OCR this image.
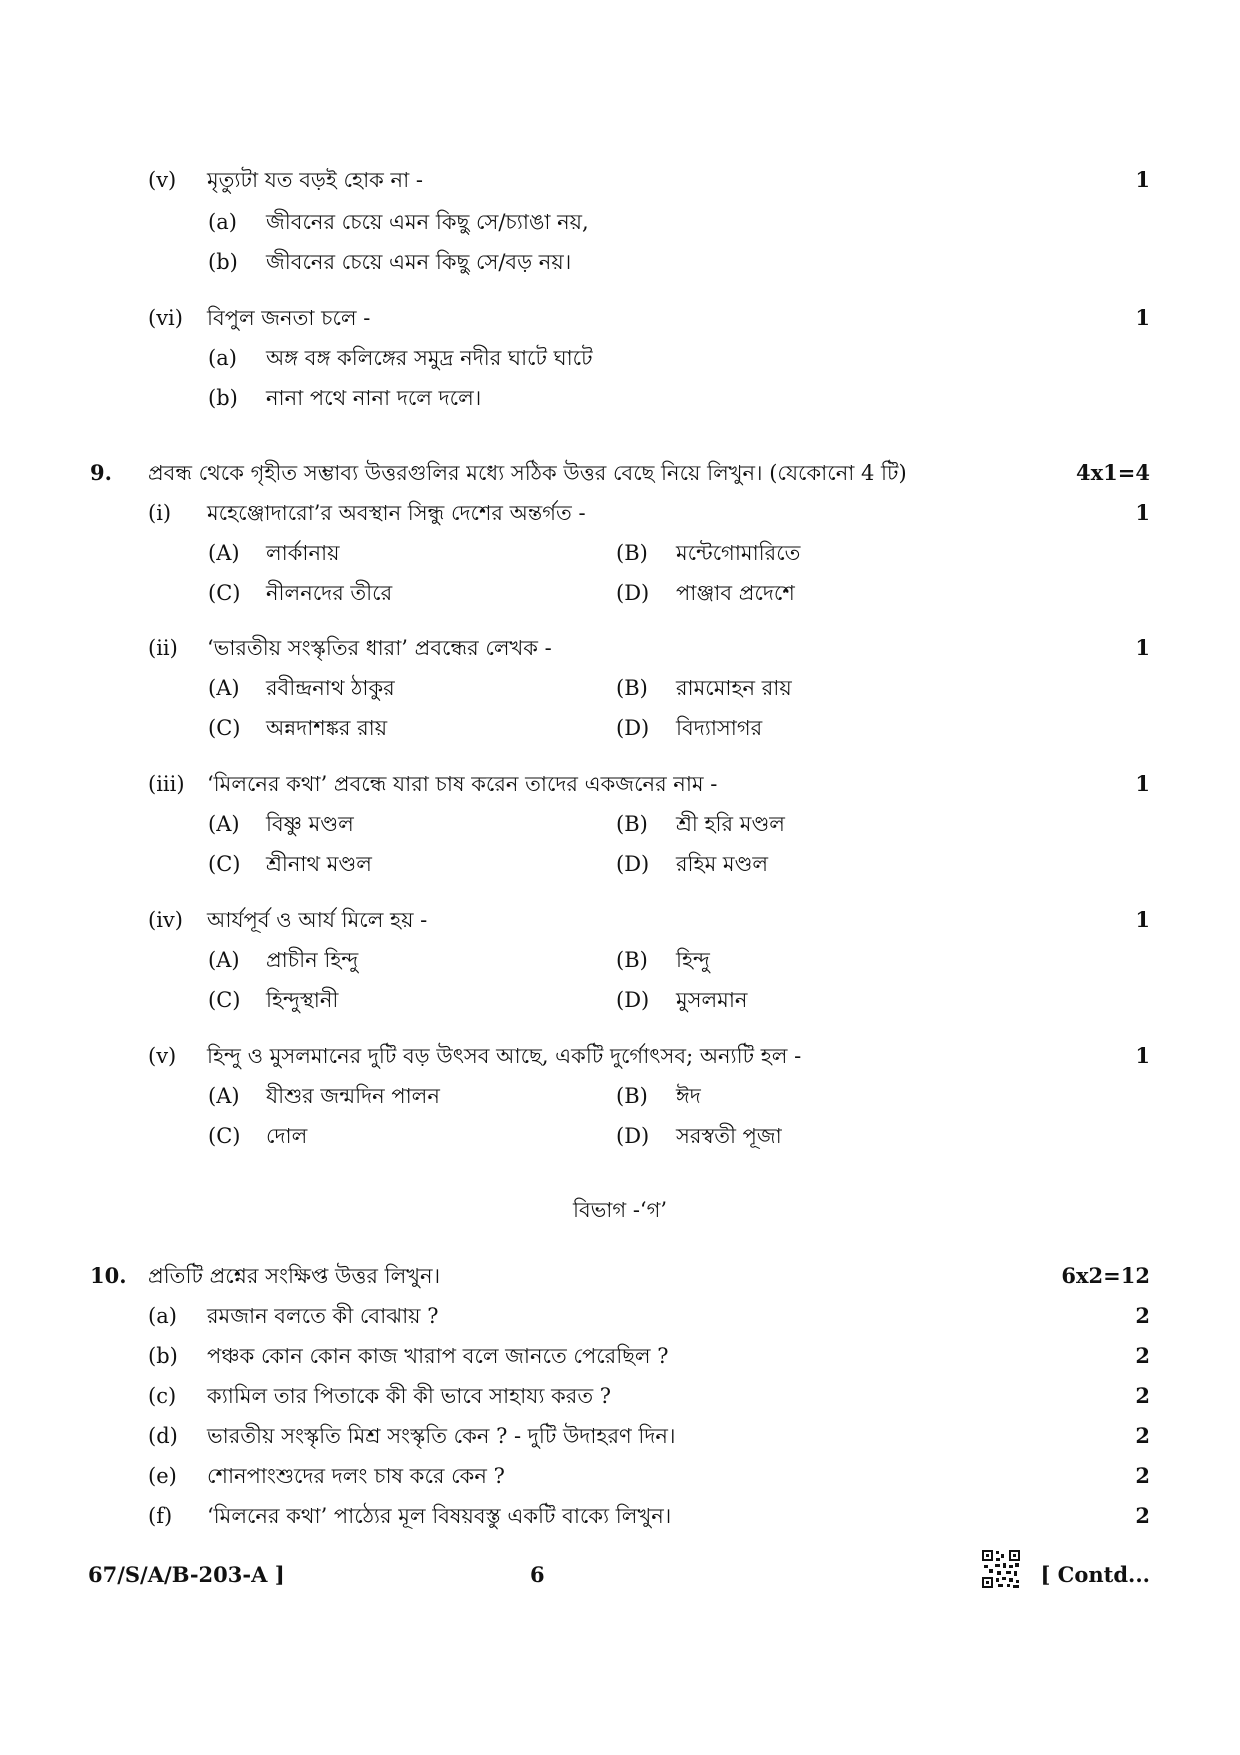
(v) মৃত্যুটা যত বড়ই হোক না -	1
(a) জীবনের চেয়ে এমন কিছু সে/চ্যাঙা নয়,
(b) জীবনের চেয়ে এমন কিছু সে/বড় নয়।
(vi) বিপুল জনতা চলে -	1
(a) অঙ্গ বঙ্গ কলিঙ্গের সমুদ্র নদীর ঘাটে ঘাটে
(b) নানা পথে নানা দলে দলে।
9. প্রবন্ধ থেকে গৃহীত সম্ভাব্য উত্তরগুলির মধ্যে সঠিক উত্তর বেছে নিয়ে লিখুন। (যেকোনো 4 টি)	4x1=4
(i) মহেঞ্জোদারো’র অবস্থান সিন্ধু দেশের অন্তর্গত -	1
(A) লার্কানায়	(B) মন্টেগোমারিতে
(C) নীলনদের তীরে	(D) পাঞ্জাব প্রদেশে
(ii) ‘ভারতীয় সংস্কৃতির ধারা’ প্রবন্ধের লেখক -	1
(A) রবীন্দ্রনাথ ঠাকুর	(B) রামমোহন রায়
(C) অন্নদাশঙ্কর রায়	(D) বিদ্যাসাগর
(iii) ‘মিলনের কথা’ প্রবন্ধে যারা চাষ করেন তাদের একজনের নাম -	1
(A) বিষ্ণু মণ্ডল	(B) শ্রী হরি মণ্ডল
(C) শ্রীনাথ মণ্ডল	(D) রহিম মণ্ডল
(iv) আর্যপূর্ব ও আর্য মিলে হয় -	1
(A) প্রাচীন হিন্দু	(B) হিন্দু
(C) হিন্দুস্থানী	(D) মুসলমান
(v) হিন্দু ও মুসলমানের দুটি বড় উৎসব আছে, একটি দুর্গোৎসব; অন্যটি হল -	1
(A) যীশুর জন্মদিন পালন	(B) ঈদ
(C) দোল	(D) সরস্বতী পূজা
বিভাগ -‘গ’
10. প্রতিটি প্রশ্নের সংক্ষিপ্ত উত্তর লিখুন।	6x2=12
(a) রমজান বলতে কী বোঝায় ?	2
(b) পঞ্চক কোন কোন কাজ খারাপ বলে জানতে পেরেছিল ?	2
(c) ক্যামিল তার পিতাকে কী কী ভাবে সাহায্য করত ?	2
(d) ভারতীয় সংস্কৃতি মিশ্র সংস্কৃতি কেন ? - দুটি উদাহরণ দিন।	2
(e) শোনপাংশুদের দলং চাষ করে কেন ?	2
(f) ‘মিলনের কথা’ পাঠ্যের মূল বিষয়বস্তু একটি বাক্যে লিখুন।	2
67/S/A/B-203-A ]	6	[ Contd...
